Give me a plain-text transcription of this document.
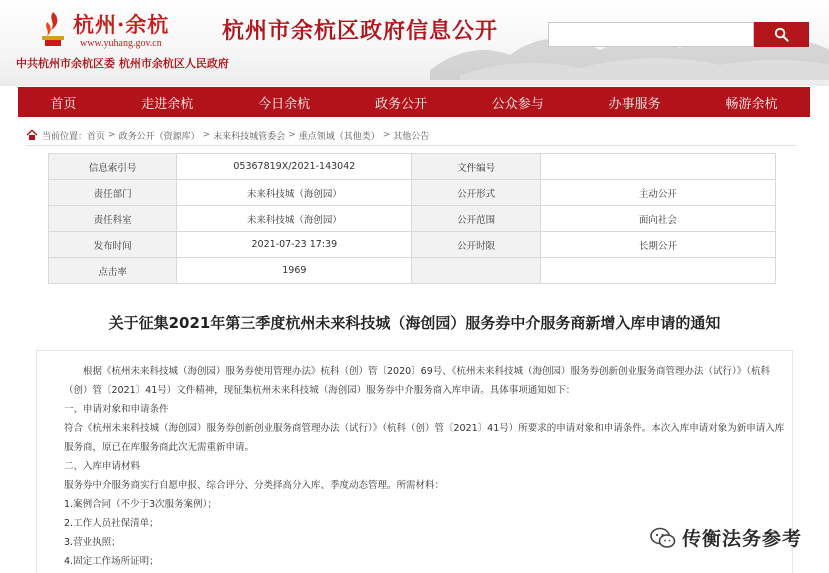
杭州·余杭
www.yuhang.gov.cn	杭州市余杭区政府信息公开
中共杭州市余杭区委 杭州市余杭区人民政府
首页	走进余杭	今日余杭	政务公开	公众参与	办事服务	畅游余杭
当前位置： 首页 > 政务公开（资源库） > 未来科技城管委会 > 重点领域（其他类） > 其他公告
信息索引号	05367819X/2021-143042	文件编号	
责任部门	未来科技城（海创园）	公开形式	主动公开
责任科室	未来科技城（海创园）	公开范围	面向社会
发布时间	2021-07-23 17:39	公开时限	长期公开
点击率	1969		
关于征集2021年第三季度杭州未来科技城（海创园）服务券中介服务商新增入库申请的通知
根据《杭州未来科技城（海创园）服务券使用管理办法》杭科（创）管〔2020〕69号、《杭州未来科技城（海创园）服务券创新创业服务商管理办法（试行）》（杭科（创）管〔2021〕41号）文件精神，现征集杭州未来科技城（海创园）服务券中介服务商入库申请。具体事项通知如下：
一、申请对象和申请条件
符合《杭州未来科技城（海创园）服务券创新创业服务商管理办法（试行）》（杭科（创）管〔2021〕41号）所要求的申请对象和申请条件。本次入库申请对象为新申请入库服务商，原已在库服务商此次无需重新申请。
二、入库申请材料
服务券中介服务商实行自愿申报、综合评分、分类择高分入库、季度动态管理。所需材料：
1.案例合同（不少于3次服务案例）；
2.工作人员社保清单；
3.营业执照；
4.固定工作场所证明；
传衡法务参考
